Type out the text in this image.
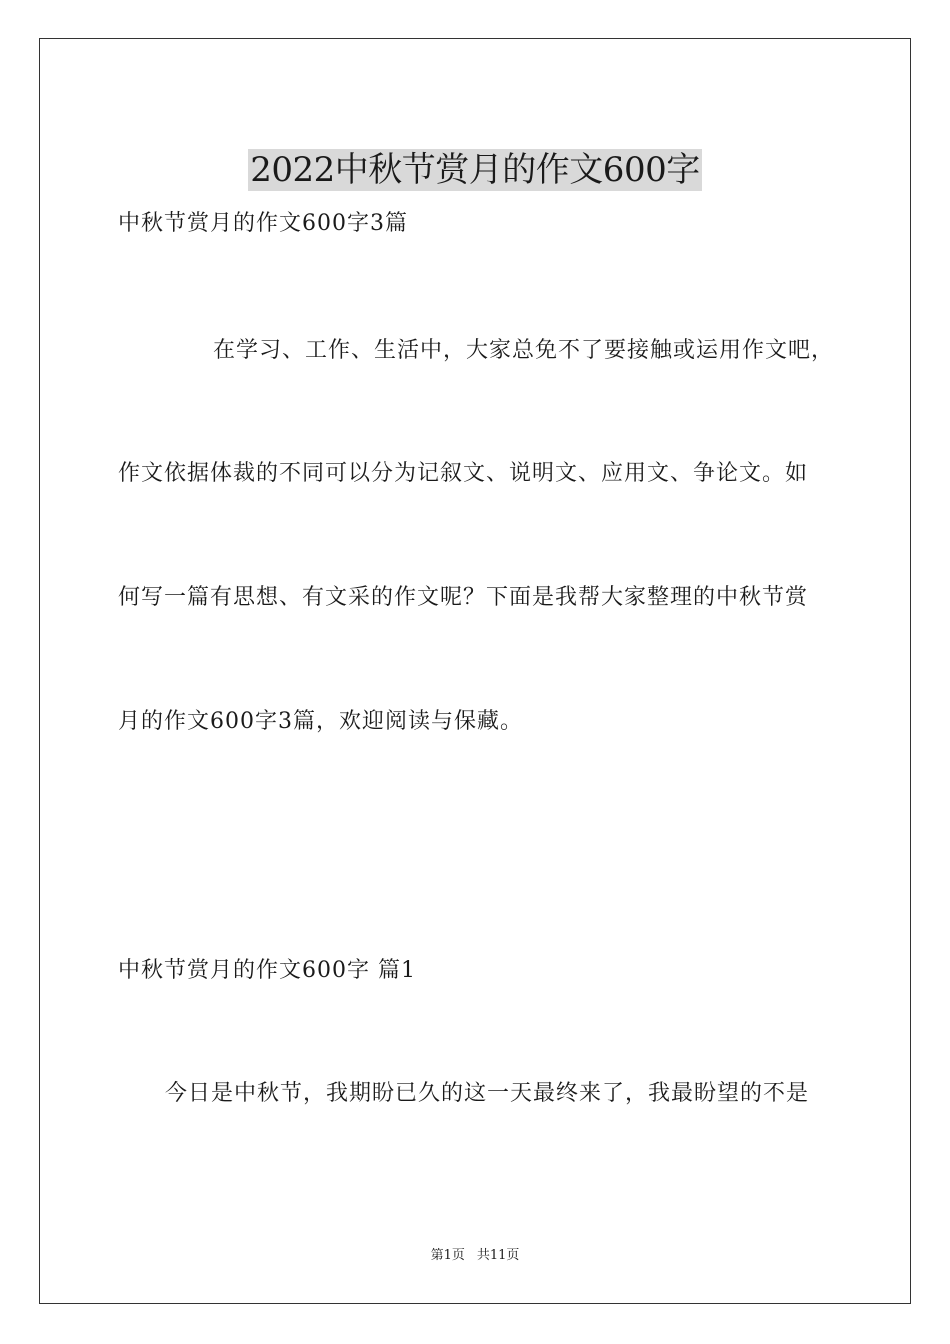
2022中秋节赏月的作文600字
中秋节赏月的作文600字3篇
在学习、工作、生活中，大家总免不了要接触或运用作文吧，
作文依据体裁的不同可以分为记叙文、说明文、应用文、争论文。如
何写一篇有思想、有文采的作文呢？下面是我帮大家整理的中秋节赏
月的作文600字3篇，欢迎阅读与保藏。
中秋节赏月的作文600字 篇1
今日是中秋节，我期盼已久的这一天最终来了，我最盼望的不是
第1页 共11页
